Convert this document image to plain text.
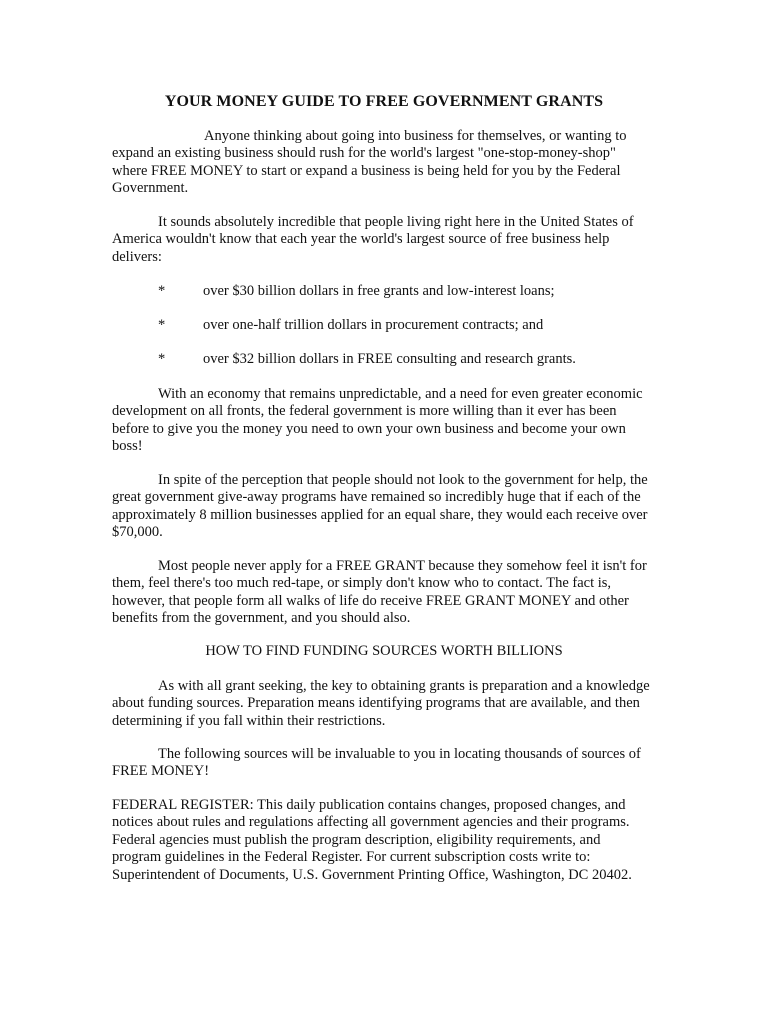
YOUR MONEY GUIDE TO FREE GOVERNMENT GRANTS

Anyone thinking about going into business for themselves, or wanting to expand an existing business should rush for the world's largest "one-stop-money-shop" where FREE MONEY to start or expand a business is being held for you by the Federal Government.

It sounds absolutely incredible that people living right here in the United States of America wouldn't know that each year the world's largest source of free business help delivers:

*	over $30 billion dollars in free grants and low-interest loans;
*	over one-half trillion dollars in procurement contracts; and
*	over $32 billion dollars in FREE consulting and research grants.

With an economy that remains unpredictable, and a need for even greater economic development on all fronts, the federal government is more willing than it ever has been before to give you the money you need to own your own business and become your own boss!

In spite of the perception that people should not look to the government for help, the great government give-away programs have remained so incredibly huge that if each of the approximately 8 million businesses applied for an equal share, they would each receive over $70,000.

Most people never apply for a FREE GRANT because they somehow feel it isn't for them, feel there's too much red-tape, or simply don't know who to contact. The fact is, however, that people form all walks of life do receive FREE GRANT MONEY and other benefits from the government, and you should also.

HOW TO FIND FUNDING SOURCES WORTH BILLIONS

As with all grant seeking, the key to obtaining grants is preparation and a knowledge about funding sources. Preparation means identifying programs that are available, and then determining if you fall within their restrictions.

The following sources will be invaluable to you in locating thousands of sources of FREE MONEY!

FEDERAL REGISTER: This daily publication contains changes, proposed changes, and notices about rules and regulations affecting all government agencies and their programs. Federal agencies must publish the program description, eligibility requirements, and program guidelines in the Federal Register. For current subscription costs write to: Superintendent of Documents, U.S. Government Printing Office, Washington, DC 20402.
